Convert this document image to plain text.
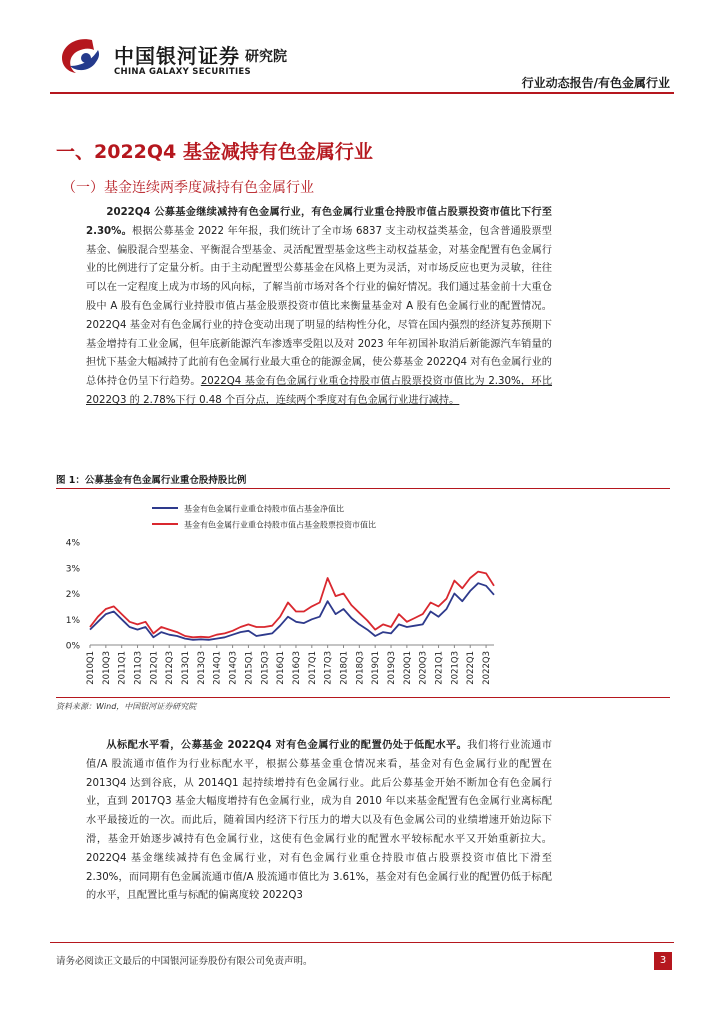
中国银河证券 研究院
CHINA GALAXY SECURITIES
行业动态报告/有色金属行业
一、2022Q4 基金减持有色金属行业
（一）基金连续两季度减持有色金属行业
2022Q4 公募基金继续减持有色金属行业，有色金属行业重仓持股市值占股票投资市值比下行至 2.30%。根据公募基金 2022 年年报，我们统计了全市场 6837 支主动权益类基金，包含普通股票型基金、偏股混合型基金、平衡混合型基金、灵活配置型基金这些主动权益基金，对基金配置有色金属行业的比例进行了定量分析。由于主动配置型公募基金在风格上更为灵活，对市场反应也更为灵敏，往往可以在一定程度上成为市场的风向标，了解当前市场对各个行业的偏好情况。我们通过基金前十大重仓股中 A 股有色金属行业持股市值占基金股票投资市值比来衡量基金对 A 股有色金属行业的配置情况。2022Q4 基金对有色金属行业的持仓变动出现了明显的结构性分化，尽管在国内强烈的经济复苏预期下基金增持有工业金属，但年底新能源汽车渗透率受阻以及对 2023 年年初国补取消后新能源汽车销量的担忧下基金大幅减持了此前有色金属行业最大重仓的能源金属，使公募基金 2022Q4 对有色金属行业的总体持仓仍呈下行趋势。2022Q4 基金有色金属行业重仓持股市值占股票投资市值比为 2.30%，环比 2022Q3 的 2.78%下行 0.48 个百分点，连续两个季度对有色金属行业进行减持。
图 1：公募基金有色金属行业重仓股持股比例
基金有色金属行业重仓持股市值占基金净值比
基金有色金属行业重仓持股市值占基金股票投资市值比
0%
1%
2%
3%
4%
2010Q1 2010Q3 2011Q1 2011Q3 2012Q1 2012Q3 2013Q1 2013Q3 2014Q1 2014Q3 2015Q1 2015Q3 2016Q1 2016Q3 2017Q1 2017Q3 2018Q1 2018Q3 2019Q1 2019Q3 2020Q1 2020Q3 2021Q1 2021Q3 2022Q1 2022Q3
资料来源：Wind，中国银河证券研究院
从标配水平看，公募基金 2022Q4 对有色金属行业的配置仍处于低配水平。我们将行业流通市值/A 股流通市值作为行业标配水平，根据公募基金重仓情况来看，基金对有色金属行业的配置在 2013Q4 达到谷底，从 2014Q1 起持续增持有色金属行业。此后公募基金开始不断加仓有色金属行业，直到 2017Q3 基金大幅度增持有色金属行业，成为自 2010 年以来基金配置有色金属行业离标配水平最接近的一次。而此后，随着国内经济下行压力的增大以及有色金属公司的业绩增速开始边际下滑，基金开始逐步减持有色金属行业，这使有色金属行业的配置水平较标配水平又开始重新拉大。2022Q4 基金继续减持有色金属行业，对有色金属行业重仓持股市值占股票投资市值比下滑至 2.30%，而同期有色金属流通市值/A 股流通市值比为 3.61%，基金对有色金属行业的配置仍低于标配的水平，且配置比重与标配的偏离度较 2022Q3
请务必阅读正文最后的中国银河证券股份有限公司免责声明。	3
